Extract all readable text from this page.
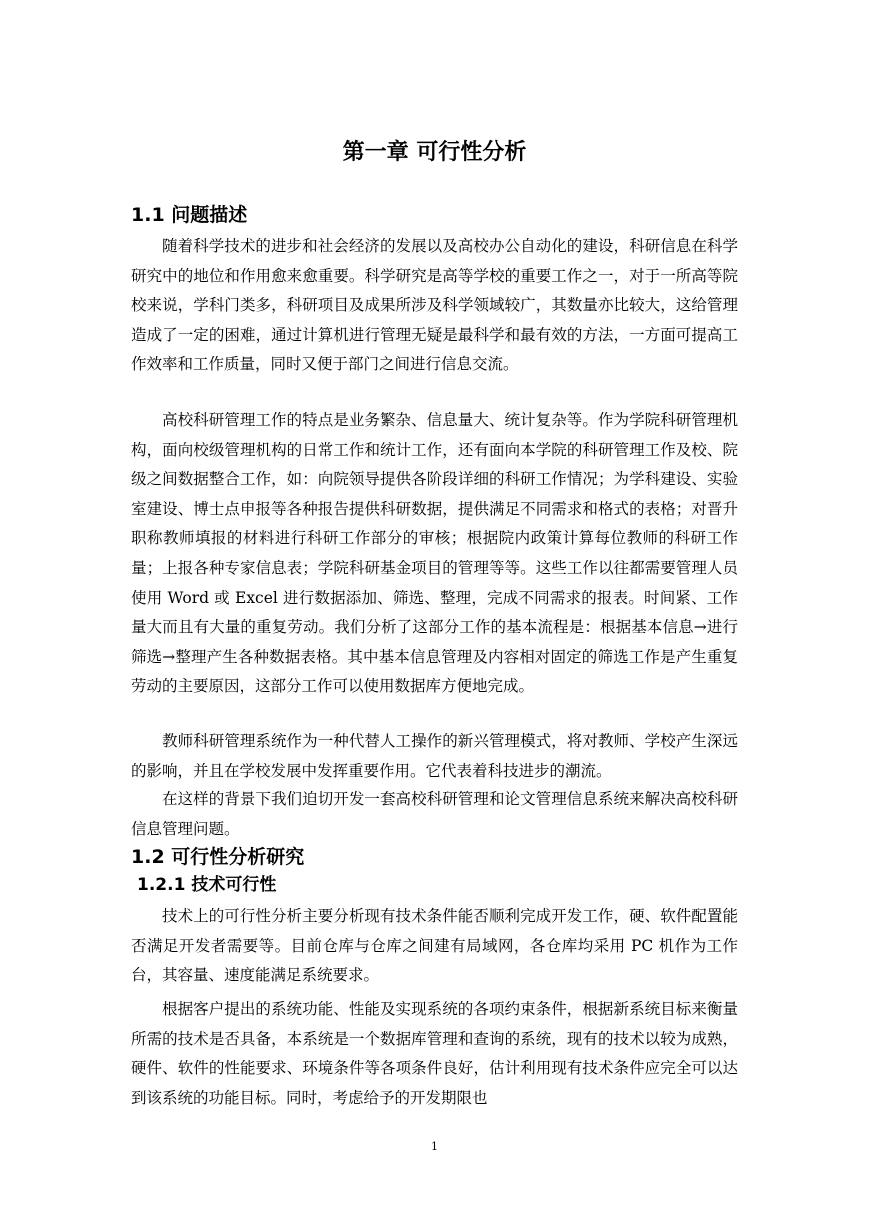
第一章 可行性分析
1.1 问题描述

随着科学技术的进步和社会经济的发展以及高校办公自动化的建设，科研信息在科学研究中的地位和作用愈来愈重要。科学研究是高等学校的重要工作之一，对于一所高等院校来说，学科门类多，科研项目及成果所涉及科学领域较广，其数量亦比较大，这给管理造成了一定的困难，通过计算机进行管理无疑是最科学和最有效的方法，一方面可提高工作效率和工作质量，同时又便于部门之间进行信息交流。

高校科研管理工作的特点是业务繁杂、信息量大、统计复杂等。作为学院科研管理机构，面向校级管理机构的日常工作和统计工作，还有面向本学院的科研管理工作及校、院级之间数据整合工作，如：向院领导提供各阶段详细的科研工作情况；为学科建设、实验室建设、博士点申报等各种报告提供科研数据，提供满足不同需求和格式的表格；对晋升职称教师填报的材料进行科研工作部分的审核；根据院内政策计算每位教师的科研工作量；上报各种专家信息表；学院科研基金项目的管理等等。这些工作以往都需要管理人员使用 Word 或 Excel 进行数据添加、筛选、整理，完成不同需求的报表。时间紧、工作量大而且有大量的重复劳动。我们分析了这部分工作的基本流程是：根据基本信息→进行筛选→整理产生各种数据表格。其中基本信息管理及内容相对固定的筛选工作是产生重复劳动的主要原因，这部分工作可以使用数据库方便地完成。

教师科研管理系统作为一种代替人工操作的新兴管理模式，将对教师、学校产生深远的影响，并且在学校发展中发挥重要作用。它代表着科技进步的潮流。

在这样的背景下我们迫切开发一套高校科研管理和论文管理信息系统来解决高校科研信息管理问题。

1.2 可行性分析研究
1.2.1 技术可行性

技术上的可行性分析主要分析现有技术条件能否顺利完成开发工作，硬、软件配置能否满足开发者需要等。目前仓库与仓库之间建有局域网，各仓库均采用 PC 机作为工作台，其容量、速度能满足系统要求。

根据客户提出的系统功能、性能及实现系统的各项约束条件，根据新系统目标来衡量所需的技术是否具备，本系统是一个数据库管理和查询的系统，现有的技术以较为成熟，硬件、软件的性能要求、环境条件等各项条件良好，估计利用现有技术条件应完全可以达到该系统的功能目标。同时，考虑给予的开发期限也

1
